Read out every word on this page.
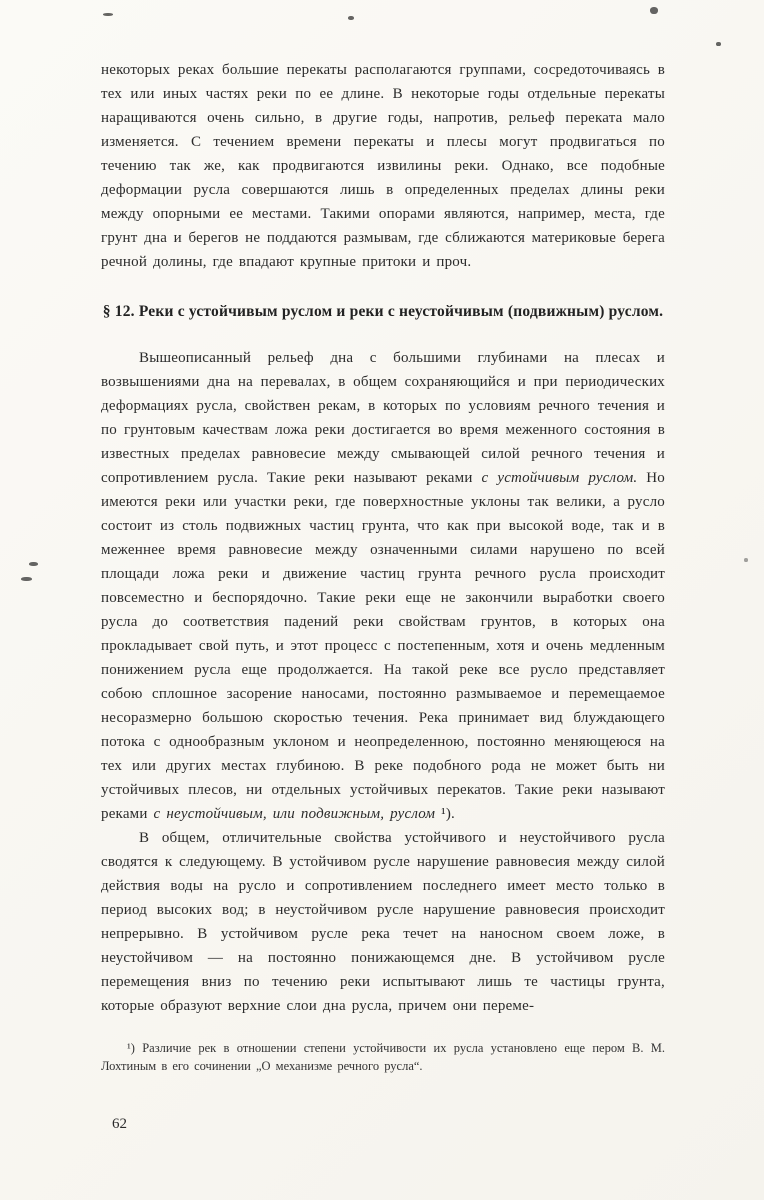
некоторых реках большие перекаты располагаются группами, сосредоточиваясь в тех или иных частях реки по ее длине. В некоторые годы отдельные перекаты наращиваются очень сильно, в другие годы, напротив, рельеф переката мало изменяется. С течением времени перекаты и плесы могут продвигаться по течению так же, как продвигаются извилины реки. Однако, все подобные деформации русла совершаются лишь в определенных пределах длины реки между опорными ее местами. Такими опорами являются, например, места, где грунт дна и берегов не поддаются размывам, где сближаются материковые берега речной долины, где впадают крупные притоки и проч.

§ 12. Реки с устойчивым руслом и реки с неустойчивым (подвижным) руслом.

Вышеописанный рельеф дна с большими глубинами на плесах и возвышениями дна на перевалах, в общем сохраняющийся и при периодических деформациях русла, свойствен рекам, в которых по условиям речного течения и по грунтовым качествам ложа реки достигается во время меженного состояния в известных пределах равновесие между смывающей силой речного течения и сопротивлением русла. Такие реки называют реками с устойчивым руслом. Но имеются реки или участки реки, где поверхностные уклоны так велики, а русло состоит из столь подвижных частиц грунта, что как при высокой воде, так и в меженнее время равновесие между означенными силами нарушено по всей площади ложа реки и движение частиц грунта речного русла происходит повсеместно и беспорядочно. Такие реки еще не закончили выработки своего русла до соответствия падений реки свойствам грунтов, в которых она прокладывает свой путь, и этот процесс с постепенным, хотя и очень медленным понижением русла еще продолжается. На такой реке все русло представляет собою сплошное засорение наносами, постоянно размываемое и перемещаемое несоразмерно большою скоростью течения. Река принимает вид блуждающего потока с однообразным уклоном и неопределенною, постоянно меняющеюся на тех или других местах глубиною. В реке подобного рода не может быть ни устойчивых плесов, ни отдельных устойчивых перекатов. Такие реки называют реками с неустойчивым, или подвижным, руслом ¹).

В общем, отличительные свойства устойчивого и неустойчивого русла сводятся к следующему. В устойчивом русле нарушение равновесия между силой действия воды на русло и сопротивлением последнего имеет место только в период высоких вод; в неустойчивом русле нарушение равновесия происходит непрерывно. В устойчивом русле река течет на наносном своем ложе, в неустойчивом — на постоянно понижающемся дне. В устойчивом русле перемещения вниз по течению реки испытывают лишь те частицы грунта, которые образуют верхние слои дна русла, причем они переме-

¹) Различие рек в отношении степени устойчивости их русла установлено еще пером В. М. Лохтиным в его сочинении „О механизме речного русла“.

62
